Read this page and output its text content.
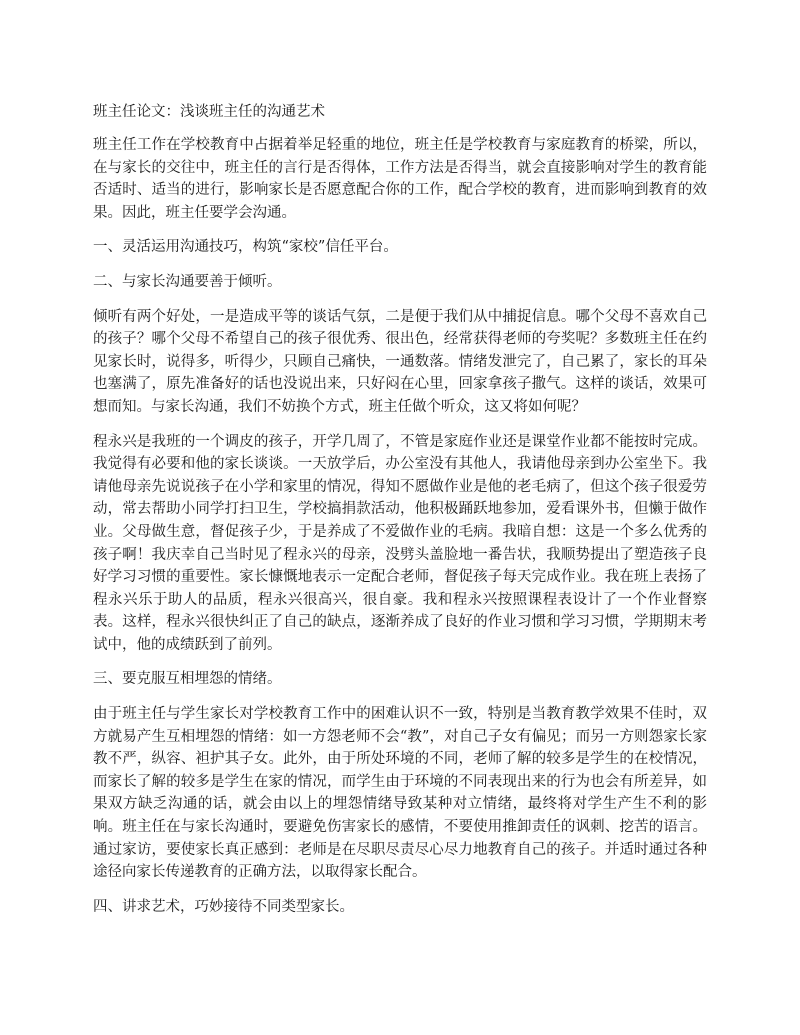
班主任论文：浅谈班主任的沟通艺术

班主任工作在学校教育中占据着举足轻重的地位，班主任是学校教育与家庭教育的桥梁，所以，在与家长的交往中，班主任的言行是否得体，工作方法是否得当，就会直接影响对学生的教育能否适时、适当的进行，影响家长是否愿意配合你的工作，配合学校的教育，进而影响到教育的效果。因此，班主任要学会沟通。

一、灵活运用沟通技巧，构筑“家校”信任平台。
二、与家长沟通要善于倾听。

倾听有两个好处，一是造成平等的谈话气氛，二是便于我们从中捕捉信息。哪个父母不喜欢自己的孩子？哪个父母不希望自己的孩子很优秀、很出色，经常获得老师的夸奖呢？多数班主任在约见家长时，说得多，听得少，只顾自己痛快，一通数落。情绪发泄完了，自己累了，家长的耳朵也塞满了，原先准备好的话也没说出来，只好闷在心里，回家拿孩子撒气。这样的谈话，效果可想而知。与家长沟通，我们不妨换个方式，班主任做个听众，这又将如何呢？

程永兴是我班的一个调皮的孩子，开学几周了，不管是家庭作业还是课堂作业都不能按时完成。我觉得有必要和他的家长谈谈。一天放学后，办公室没有其他人，我请他母亲到办公室坐下。我请他母亲先说说孩子在小学和家里的情况，得知不愿做作业是他的老毛病了，但这个孩子很爱劳动，常去帮助小同学打扫卫生，学校搞捐款活动，他积极踊跃地参加，爱看课外书，但懒于做作业。父母做生意，督促孩子少，于是养成了不爱做作业的毛病。我暗自想：这是一个多么优秀的孩子啊！我庆幸自己当时见了程永兴的母亲，没劈头盖脸地一番告状，我顺势提出了塑造孩子良好学习习惯的重要性。家长慷慨地表示一定配合老师，督促孩子每天完成作业。我在班上表扬了程永兴乐于助人的品质，程永兴很高兴，很自豪。我和程永兴按照课程表设计了一个作业督察表。这样，程永兴很快纠正了自己的缺点，逐渐养成了良好的作业习惯和学习习惯，学期期末考试中，他的成绩跃到了前列。

三、要克服互相埋怨的情绪。

由于班主任与学生家长对学校教育工作中的困难认识不一致，特别是当教育教学效果不佳时，双方就易产生互相埋怨的情绪：如一方怨老师不会“教”，对自己子女有偏见；而另一方则怨家长家教不严，纵容、袒护其子女。此外，由于所处环境的不同，老师了解的较多是学生的在校情况，而家长了解的较多是学生在家的情况，而学生由于环境的不同表现出来的行为也会有所差异，如果双方缺乏沟通的话，就会由以上的埋怨情绪导致某种对立情绪，最终将对学生产生不利的影响。班主任在与家长沟通时，要避免伤害家长的感情，不要使用推卸责任的讽刺、挖苦的语言。通过家访，要使家长真正感到：老师是在尽职尽责尽心尽力地教育自己的孩子。并适时通过各种途径向家长传递教育的正确方法，以取得家长配合。

四、讲求艺术，巧妙接待不同类型家长。
